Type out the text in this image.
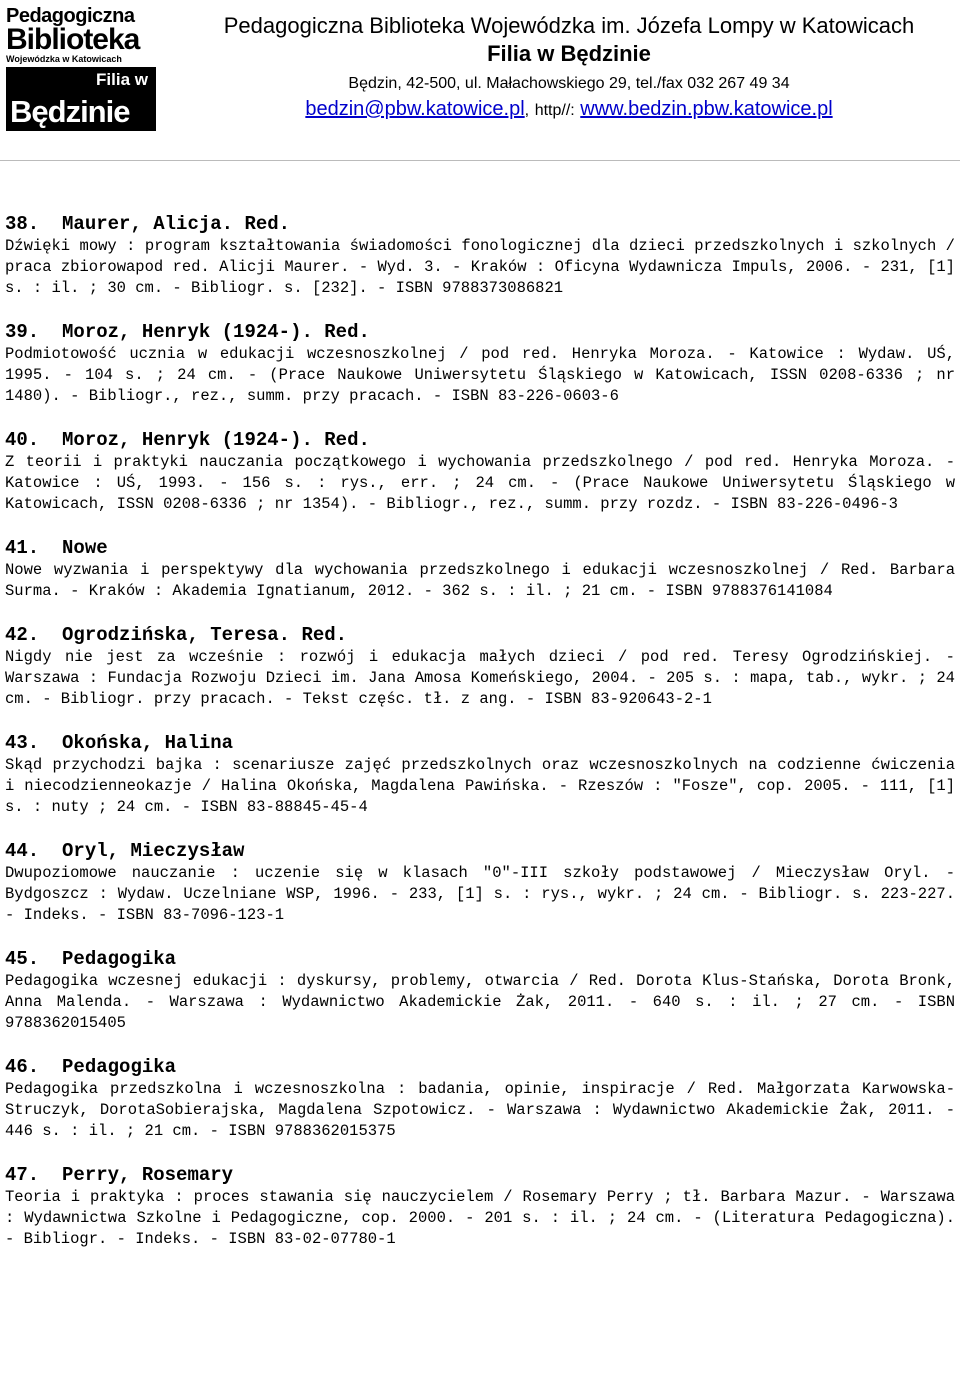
Pedagogiczna
Biblioteka
Wojewódzka w Katowicach
Filia w
Będzinie
Pedagogiczna Biblioteka Wojewódzka im. Józefa Lompy w Katowicach
Filia w Będzinie
Będzin, 42-500, ul. Małachowskiego 29, tel./fax 032 267 49 34
bedzin@pbw.katowice.pl, http//: www.bedzin.pbw.katowice.pl
38. Maurer, Alicja. Red.
Dźwięki mowy : program kształtowania świadomości fonologicznej dla dzieci przedszkolnych i szkolnych / praca zbiorowapod red. Alicji Maurer. - Wyd. 3. - Kraków : Oficyna Wydawnicza Impuls, 2006. - 231, [1] s. : il. ; 30 cm. - Bibliogr. s. [232]. - ISBN 9788373086821
39. Moroz, Henryk (1924-). Red.
Podmiotowość ucznia w edukacji wczesnoszkolnej / pod red. Henryka Moroza. - Katowice : Wydaw. UŚ, 1995. - 104 s. ; 24 cm. - (Prace Naukowe Uniwersytetu Śląskiego w Katowicach, ISSN 0208-6336 ; nr 1480). - Bibliogr., rez., summ. przy pracach. - ISBN 83-226-0603-6
40. Moroz, Henryk (1924-). Red.
Z teorii i praktyki nauczania początkowego i wychowania przedszkolnego / pod red. Henryka Moroza. - Katowice : UŚ, 1993. - 156 s. : rys., err. ; 24 cm. - (Prace Naukowe Uniwersytetu Śląskiego w Katowicach, ISSN 0208-6336 ; nr 1354). - Bibliogr., rez., summ. przy rozdz. - ISBN 83-226-0496-3
41. Nowe
Nowe wyzwania i perspektywy dla wychowania przedszkolnego i edukacji wczesnoszkolnej / Red. Barbara Surma. - Kraków : Akademia Ignatianum, 2012. - 362 s. : il. ; 21 cm. - ISBN 9788376141084
42. Ogrodzińska, Teresa. Red.
Nigdy nie jest za wcześnie : rozwój i edukacja małych dzieci / pod red. Teresy Ogrodzińskiej. - Warszawa : Fundacja Rozwoju Dzieci im. Jana Amosa Komeńskiego, 2004. - 205 s. : mapa, tab., wykr. ; 24 cm. - Bibliogr. przy pracach. - Tekst częśc. tł. z ang. - ISBN 83-920643-2-1
43. Okońska, Halina
Skąd przychodzi bajka : scenariusze zajęć przedszkolnych oraz wczesnoszkolnych na codzienne ćwiczenia i niecodzienneokazje / Halina Okońska, Magdalena Pawińska. - Rzeszów : "Fosze", cop. 2005. - 111, [1] s. : nuty ; 24 cm. - ISBN 83-88845-45-4
44. Oryl, Mieczysław
Dwupoziomowe nauczanie : uczenie się w klasach "0"-III szkoły podstawowej / Mieczysław Oryl. - Bydgoszcz : Wydaw. Uczelniane WSP, 1996. - 233, [1] s. : rys., wykr. ; 24 cm. - Bibliogr. s. 223-227. - Indeks. - ISBN 83-7096-123-1
45. Pedagogika
Pedagogika wczesnej edukacji : dyskursy, problemy, otwarcia / Red. Dorota Klus-Stańska, Dorota Bronk, Anna Malenda. - Warszawa : Wydawnictwo Akademickie Żak, 2011. - 640 s. : il. ; 27 cm. - ISBN 9788362015405
46. Pedagogika
Pedagogika przedszkolna i wczesnoszkolna : badania, opinie, inspiracje / Red. Małgorzata Karwowska-Struczyk, DorotaSobierajska, Magdalena Szpotowicz. - Warszawa : Wydawnictwo Akademickie Żak, 2011. - 446 s. : il. ; 21 cm. - ISBN 9788362015375
47. Perry, Rosemary
Teoria i praktyka : proces stawania się nauczycielem / Rosemary Perry ; tł. Barbara Mazur. - Warszawa : Wydawnictwa Szkolne i Pedagogiczne, cop. 2000. - 201 s. : il. ; 24 cm. - (Literatura Pedagogiczna). - Bibliogr. - Indeks. - ISBN 83-02-07780-1
